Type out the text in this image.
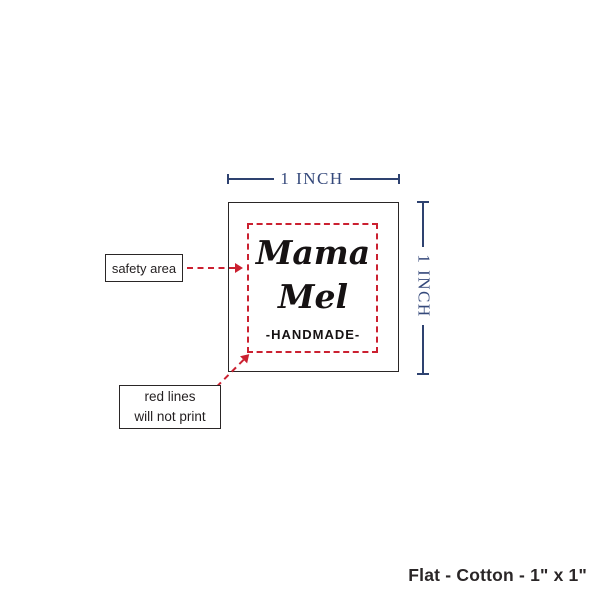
1 INCH
1 INCH
Mama
Mel
-HANDMADE-
safety area
red lines
will not print
Flat - Cotton - 1" x 1"
